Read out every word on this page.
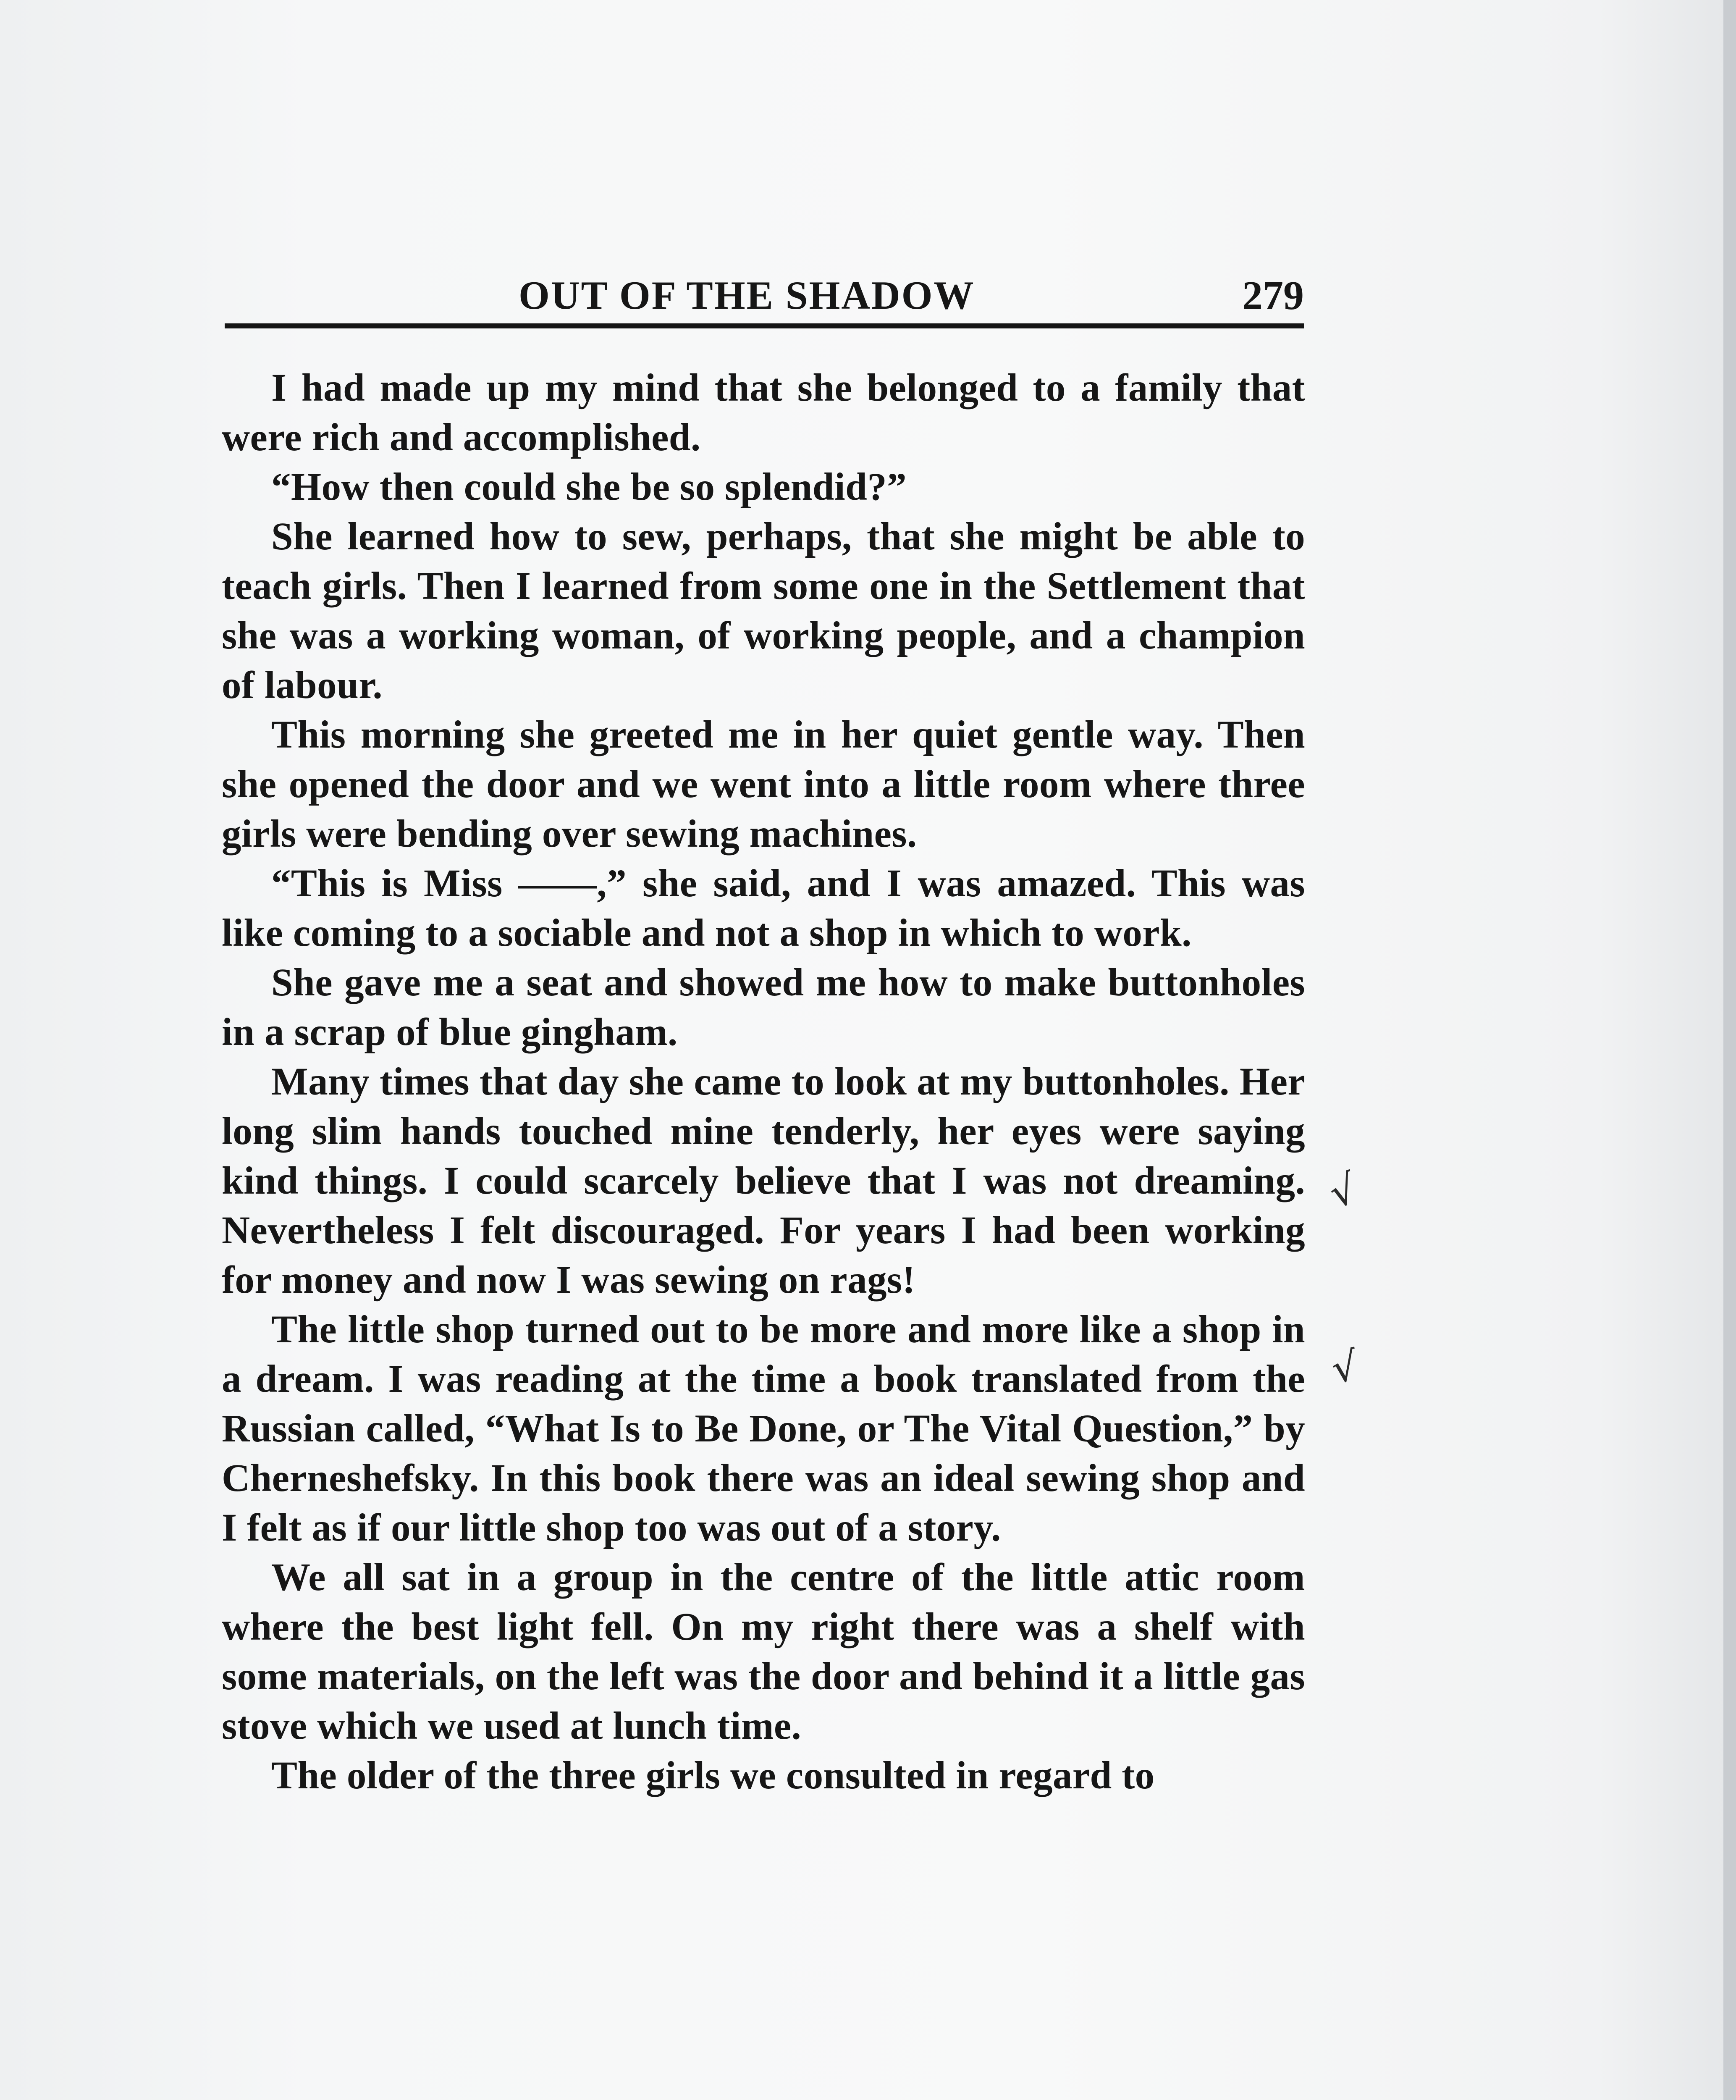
OUT OF THE SHADOW	279

I had made up my mind that she belonged to a family that were rich and accomplished.

“How then could she be so splendid?”

She learned how to sew, perhaps, that she might be able to teach girls. Then I learned from some one in the Settlement that she was a working woman, of working people, and a champion of labour.

This morning she greeted me in her quiet gentle way. Then she opened the door and we went into a little room where three girls were bending over sewing machines.

“This is Miss ——,” she said, and I was amazed. This was like coming to a sociable and not a shop in which to work.

She gave me a seat and showed me how to make buttonholes in a scrap of blue gingham.

Many times that day she came to look at my buttonholes. Her long slim hands touched mine tenderly, her eyes were saying kind things. I could scarcely believe that I was not dreaming. Nevertheless I felt discouraged. For years I had been working for money and now I was sewing on rags!

The little shop turned out to be more and more like a shop in a dream. I was reading at the time a book translated from the Russian called, “What Is to Be Done, or The Vital Question,” by Cherneshefsky. In this book there was an ideal sewing shop and I felt as if our little shop too was out of a story.

We all sat in a group in the centre of the little attic room where the best light fell. On my right there was a shelf with some materials, on the left was the door and behind it a little gas stove which we used at lunch time.

The older of the three girls we consulted in regard to

√
√
